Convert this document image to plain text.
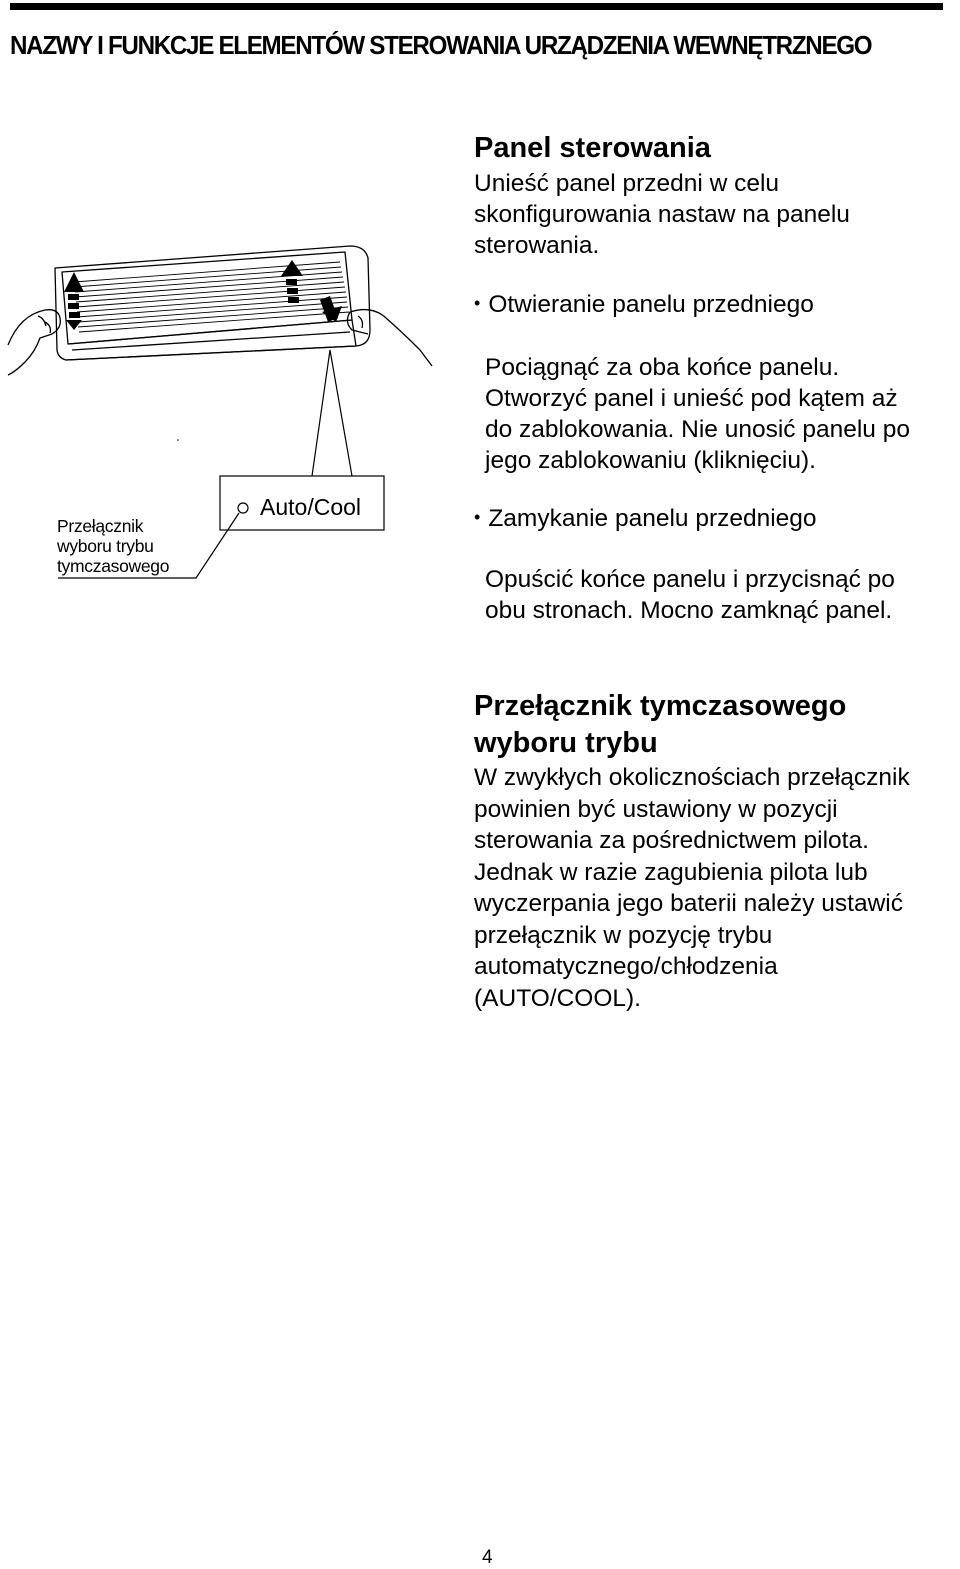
NAZWY I FUNKCJE ELEMENTÓW STEROWANIA URZĄDZENIA WEWNĘTRZNEGO
Przełącznik
wyboru trybu
tymczasowego
Auto/Cool
Panel sterowania

Unieść panel przedni w celu
skonfigurowania nastaw na panelu
sterowania.

• Otwieranie panelu przedniego

Pociągnąć za oba końce panelu.
Otworzyć panel i unieść pod kątem aż
do zablokowania. Nie unosić panelu po
jego zablokowaniu (kliknięciu).

• Zamykanie panelu przedniego

Opuścić końce panelu i przycisnąć po
obu stronach. Mocno zamknąć panel.

Przełącznik tymczasowego
wyboru trybu

W zwykłych okolicznościach przełącznik
powinien być ustawiony w pozycji
sterowania za pośrednictwem pilota.
Jednak w razie zagubienia pilota lub
wyczerpania jego baterii należy ustawić
przełącznik w pozycję trybu
automatycznego/chłodzenia
(AUTO/COOL).

4
